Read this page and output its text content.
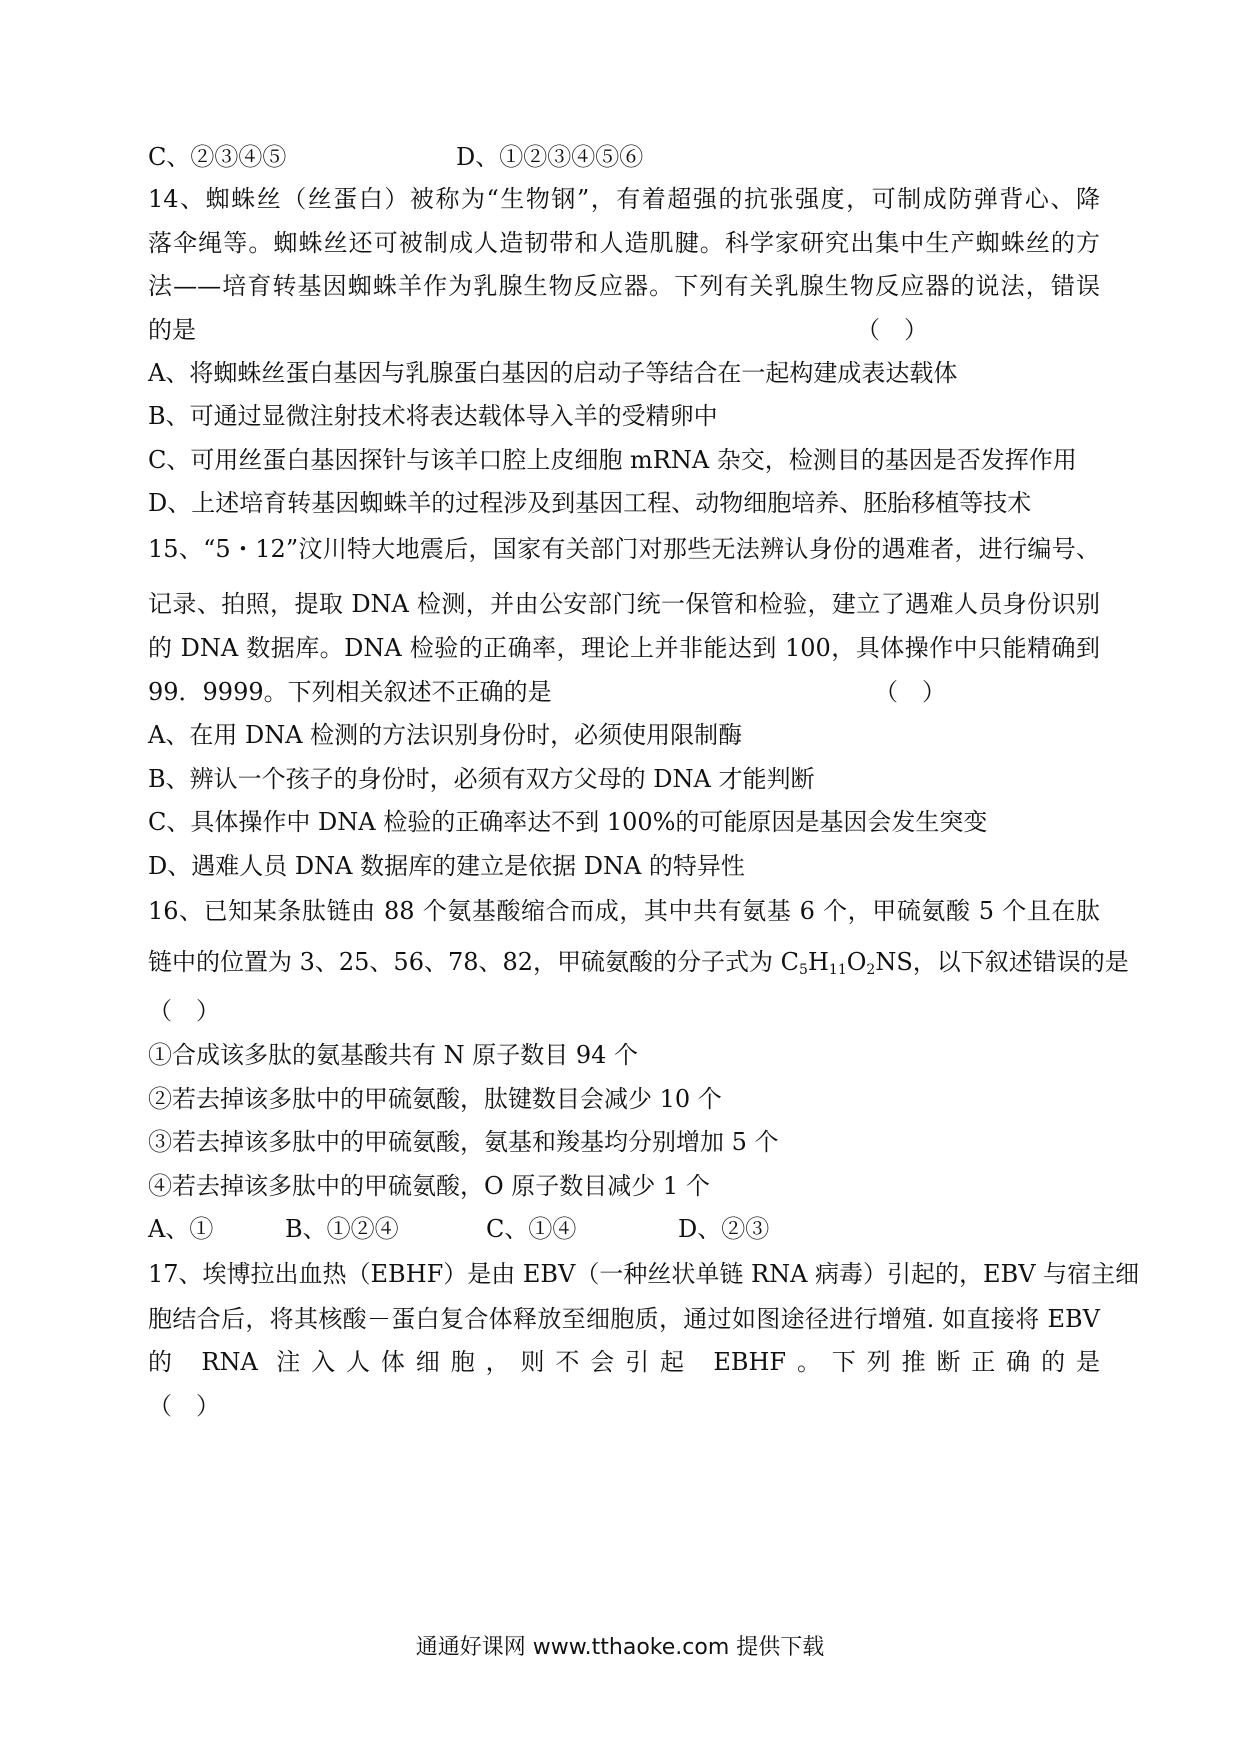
C、②③④⑤	D、①②③④⑤⑥
14、蜘蛛丝（丝蛋白）被称为“生物钢”，有着超强的抗张强度，可制成防弹背心、降
落伞绳等。蜘蛛丝还可被制成人造韧带和人造肌腱。科学家研究出集中生产蜘蛛丝的方
法——培育转基因蜘蛛羊作为乳腺生物反应器。下列有关乳腺生物反应器的说法，错误
的是	（　）
A、将蜘蛛丝蛋白基因与乳腺蛋白基因的启动子等结合在一起构建成表达载体
B、可通过显微注射技术将表达载体导入羊的受精卵中
C、可用丝蛋白基因探针与该羊口腔上皮细胞 mRNA 杂交，检测目的基因是否发挥作用
D、上述培育转基因蜘蛛羊的过程涉及到基因工程、动物细胞培养、胚胎移植等技术
15、“5・12”汶川特大地震后，国家有关部门对那些无法辨认身份的遇难者，进行编号、
记录、拍照，提取 DNA 检测，并由公安部门统一保管和检验，建立了遇难人员身份识别
的 DNA 数据库。DNA 检验的正确率，理论上并非能达到 100，具体操作中只能精确到
99．9999。下列相关叙述不正确的是	（　）
A、在用 DNA 检测的方法识别身份时，必须使用限制酶
B、辨认一个孩子的身份时，必须有双方父母的 DNA 才能判断
C、具体操作中 DNA 检验的正确率达不到 100%的可能原因是基因会发生突变
D、遇难人员 DNA 数据库的建立是依据 DNA 的特异性
16、已知某条肽链由 88 个氨基酸缩合而成，其中共有氨基 6 个，甲硫氨酸 5 个且在肽
链中的位置为 3、25、56、78、82，甲硫氨酸的分子式为 $C_5H_{11}O_2NS$，以下叙述错误的是
（　）
①合成该多肽的氨基酸共有 N 原子数目 94 个
②若去掉该多肽中的甲硫氨酸，肽键数目会减少 10 个
③若去掉该多肽中的甲硫氨酸，氨基和羧基均分别增加 5 个
④若去掉该多肽中的甲硫氨酸，O 原子数目减少 1 个
A、①	B、①②④	C、①④	D、②③
17、埃博拉出血热（EBHF）是由 EBV（一种丝状单链 RNA 病毒）引起的，EBV 与宿主细
胞结合后，将其核酸－蛋白复合体释放至细胞质，通过如图途径进行增殖. 如直接将 EBV
的 RNA 注入人体细胞，则不会引起 EBHF。下列推断正确的是
（　）
通通好课网 www.tthaoke.com 提供下载
